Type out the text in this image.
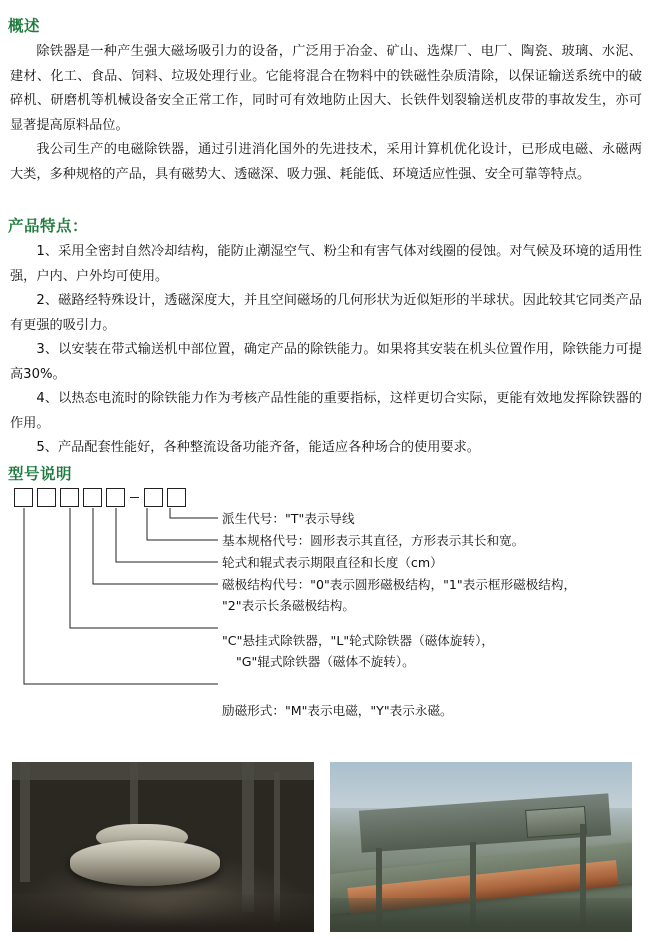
概述

除铁器是一种产生强大磁场吸引力的设备，广泛用于冶金、矿山、选煤厂、电厂、陶瓷、玻璃、水泥、建材、化工、食品、饲料、垃圾处理行业。它能将混合在物料中的铁磁性杂质清除，以保证输送系统中的破碎机、研磨机等机械设备安全正常工作，同时可有效地防止因大、长铁件划裂输送机皮带的事故发生，亦可显著提高原料品位。

我公司生产的电磁除铁器，通过引进消化国外的先进技术，采用计算机优化设计，已形成电磁、永磁两大类，多种规格的产品，具有磁势大、透磁深、吸力强、耗能低、环境适应性强、安全可靠等特点。

产品特点：

1、采用全密封自然冷却结构，能防止潮湿空气、粉尘和有害气体对线圈的侵蚀。对气候及环境的适用性强，户内、户外均可使用。

2、磁路经特殊设计，透磁深度大，并且空间磁场的几何形状为近似矩形的半球状。因此较其它同类产品有更强的吸引力。

3、以安装在带式输送机中部位置，确定产品的除铁能力。如果将其安装在机头位置作用，除铁能力可提高30%。

4、以热态电流时的除铁能力作为考核产品性能的重要指标，这样更切合实际，更能有效地发挥除铁器的作用。

5、产品配套性能好，各种整流设备功能齐备，能适应各种场合的使用要求。

型号说明
派生代号："T"表示导线
基本规格代号：圆形表示其直径，方形表示其长和宽。
轮式和辊式表示期限直径和长度（cm）
磁极结构代号："0"表示圆形磁极结构，"1"表示框形磁极结构，
"2"表示长条磁极结构。
"C"悬挂式除铁器，"L"轮式除铁器（磁体旋转），
"G"辊式除铁器（磁体不旋转）。
励磁形式："M"表示电磁，"Y"表示永磁。
